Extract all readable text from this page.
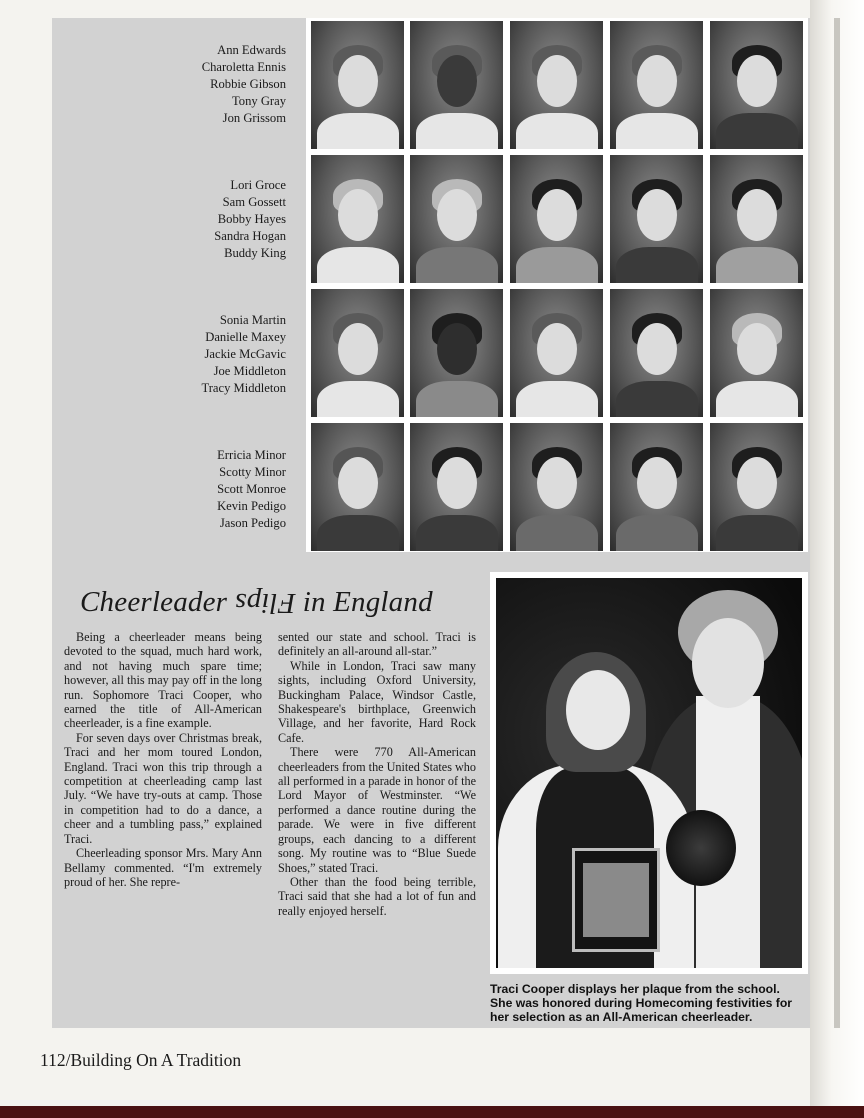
Ann Edwards
Charoletta Ennis
Robbie Gibson
Tony Gray
Jon Grissom
Lori Groce
Sam Gossett
Bobby Hayes
Sandra Hogan
Buddy King
Sonia Martin
Danielle Maxey
Jackie McGavic
Joe Middleton
Tracy Middleton
Erricia Minor
Scotty Minor
Scott Monroe
Kevin Pedigo
Jason Pedigo
Cheerleader Flips in England

Being a cheerleader means being devoted to the squad, much hard work, and not having much spare time; however, all this may pay off in the long run. Sophomore Traci Cooper, who earned the title of All-American cheerleader, is a fine example.

For seven days over Christmas break, Traci and her mom toured London, England. Traci won this trip through a competition at cheerleading camp last July. “We have try-outs at camp. Those in competition had to do a dance, a cheer and a tumbling pass,” explained Traci.

Cheerleading sponsor Mrs. Mary Ann Bellamy commented. “I'm extremely proud of her. She repre-

sented our state and school. Traci is definitely an all-around all-star.”

While in London, Traci saw many sights, including Oxford University, Buckingham Palace, Windsor Castle, Shakespeare's birthplace, Greenwich Village, and her favorite, Hard Rock Cafe.

There were 770 All-American cheerleaders from the United States who all performed in a parade in honor of the Lord Mayor of Westminster. “We performed a dance routine during the parade. We were in five different groups, each dancing to a different song. My routine was to “Blue Suede Shoes,” stated Traci.

Other than the food being terrible, Traci said that she had a lot of fun and really enjoyed herself.

Traci Cooper displays her plaque from the school.
She was honored during Homecoming festivities for
her selection as an All-American cheerleader.
112/Building On A Tradition
